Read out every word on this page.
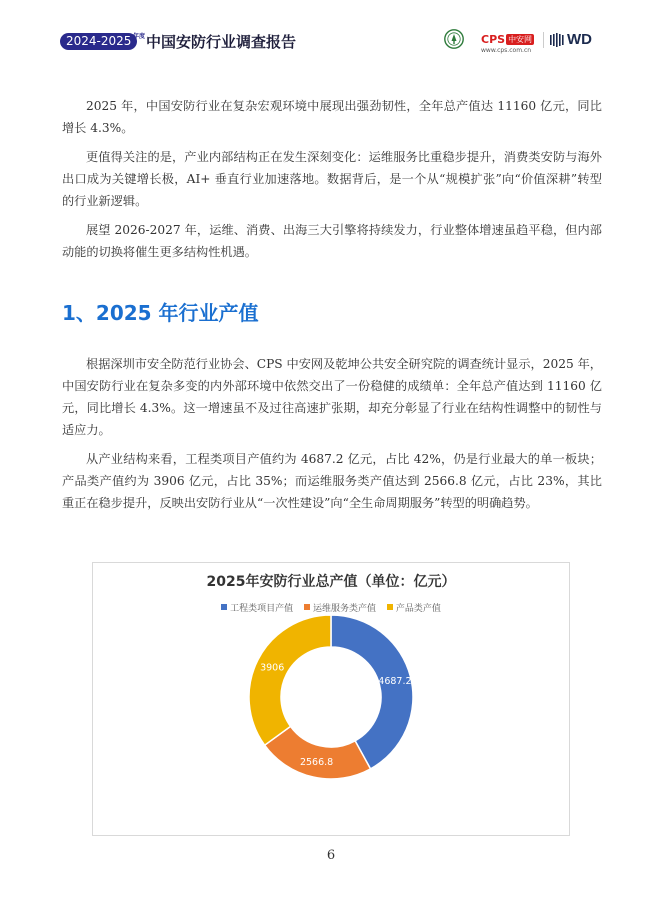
2024-2025 年度 中国安防行业调查报告	CPS 中安网
www.cps.com.cn
WD

2025 年，中国安防行业在复杂宏观环境中展现出强劲韧性，全年总产值达 11160 亿元，同比增长 4.3%。

更值得关注的是，产业内部结构正在发生深刻变化：运维服务比重稳步提升，消费类安防与海外出口成为关键增长极，AI+ 垂直行业加速落地。数据背后，是一个从“规模扩张”向“价值深耕”转型的行业新逻辑。

展望 2026-2027 年，运维、消费、出海三大引擎将持续发力，行业整体增速虽趋平稳，但内部动能的切换将催生更多结构性机遇。

1、2025 年行业产值

根据深圳市安全防范行业协会、CPS 中安网及乾坤公共安全研究院的调查统计显示，2025 年，中国安防行业在复杂多变的内外部环境中依然交出了一份稳健的成绩单：全年总产值达到 11160 亿元，同比增长 4.3%。这一增速虽不及过往高速扩张期，却充分彰显了行业在结构性调整中的韧性与适应力。

从产业结构来看，工程类项目产值约为 4687.2 亿元，占比 42%，仍是行业最大的单一板块；产品类产值约为 3906 亿元，占比 35%；而运维服务类产值达到 2566.8 亿元，占比 23%，其比重正在稳步提升，反映出安防行业从“一次性建设”向“全生命周期服务”转型的明确趋势。

2025年安防行业总产值（单位：亿元）
工程类项目产值 运维服务类产值 产品类产值
4687.2
2566.8
3906
6
